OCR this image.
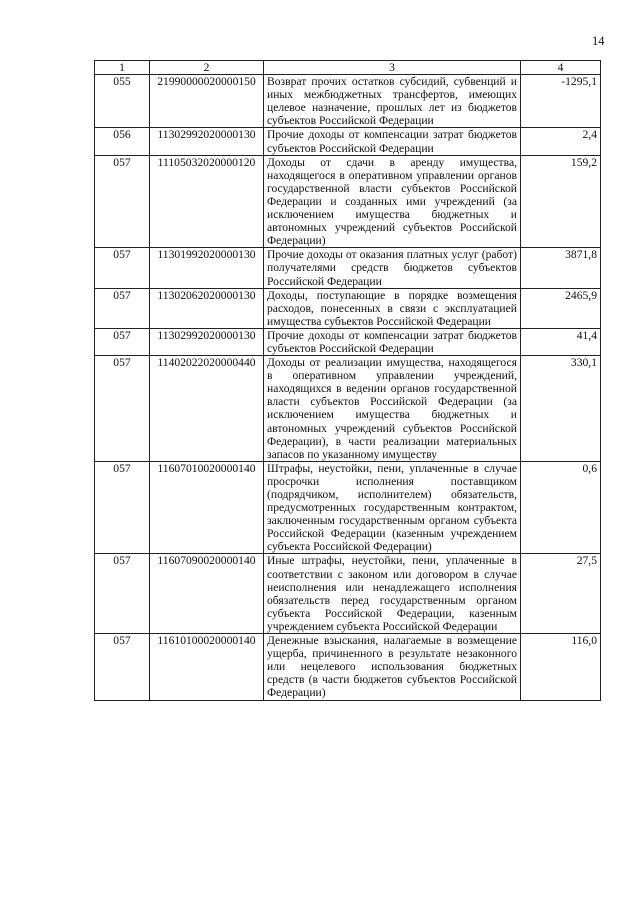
14
1	2	3	4
055	21990000020000150	Возврат прочих остатков субсидий, субвенций и иных межбюджетных трансфертов, имеющих целевое назначение, прошлых лет из бюджетов субъектов Российской Федерации	-1295,1
056	11302992020000130	Прочие доходы от компенсации затрат бюджетов субъектов Российской Федерации	2,4
057	11105032020000120	Доходы от сдачи в аренду имущества, находящегося в оперативном управлении органов государственной власти субъектов Российской Федерации и созданных ими учреждений (за исключением имущества бюджетных и автономных учреждений субъектов Российской Федерации)	159,2
057	11301992020000130	Прочие доходы от оказания платных услуг (работ) получателями средств бюджетов субъектов Российской Федерации	3871,8
057	11302062020000130	Доходы, поступающие в порядке возмещения расходов, понесенных в связи с эксплуатацией имущества субъектов Российской Федерации	2465,9
057	11302992020000130	Прочие доходы от компенсации затрат бюджетов субъектов Российской Федерации	41,4
057	11402022020000440	Доходы от реализации имущества, находящегося в оперативном управлении учреждений, находящихся в ведении органов государственной власти субъектов Российской Федерации (за исключением имущества бюджетных и автономных учреждений субъектов Российской Федерации), в части реализации материальных запасов по указанному имуществу	330,1
057	11607010020000140	Штрафы, неустойки, пени, уплаченные в случае просрочки исполнения поставщиком (подрядчиком, исполнителем) обязательств, предусмотренных государственным контрактом, заключенным государственным органом субъекта Российской Федерации (казенным учреждением субъекта Российской Федерации)	0,6
057	11607090020000140	Иные штрафы, неустойки, пени, уплаченные в соответствии с законом или договором в случае неисполнения или ненадлежащего исполнения обязательств перед государственным органом субъекта Российской Федерации, казенным учреждением субъекта Российской Федерации	27,5
057	11610100020000140	Денежные взыскания, налагаемые в возмещение ущерба, причиненного в результате незаконного или нецелевого использования бюджетных средств (в части бюджетов субъектов Российской Федерации)	116,0
